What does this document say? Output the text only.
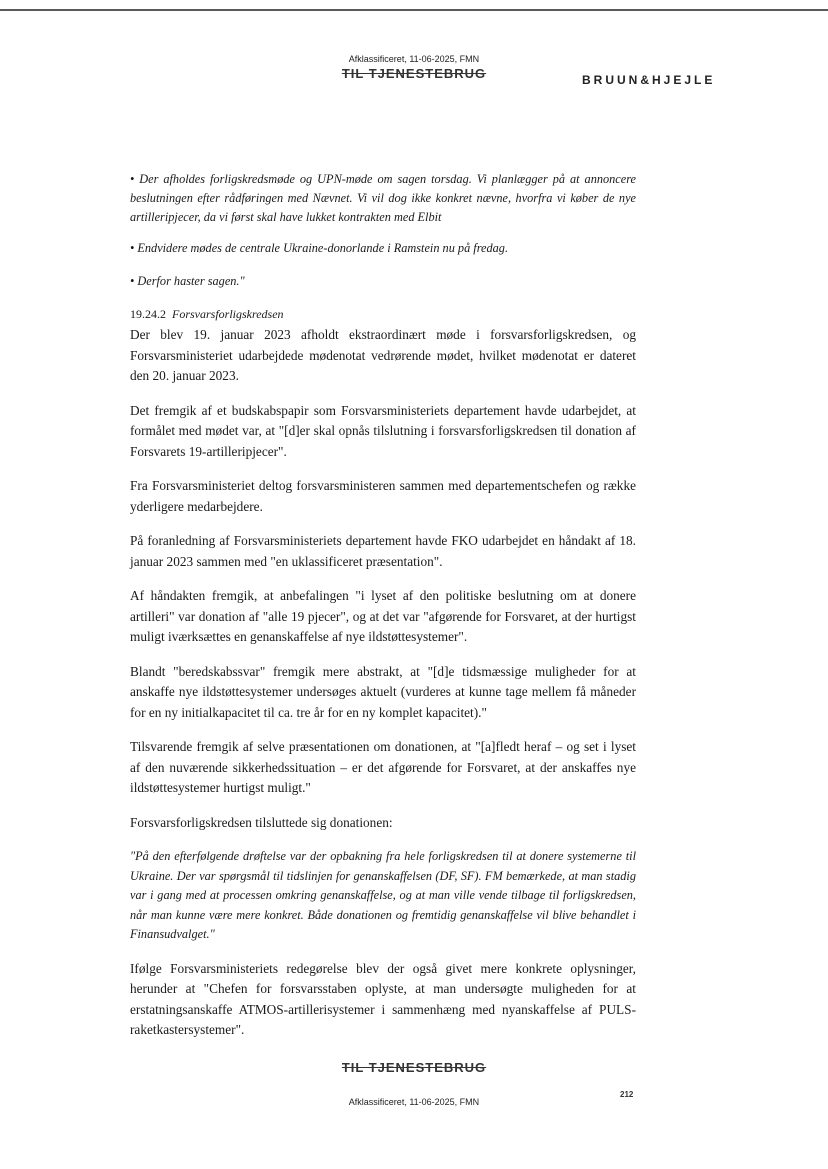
Afklassificeret, 11-06-2025, FMN
TIL TJENESTEBRUG	BRUUN&HJEJLE

• Der afholdes forligskredsmøde og UPN-møde om sagen torsdag. Vi planlægger på at annoncere beslutningen efter rådføringen med Nævnet. Vi vil dog ikke konkret nævne, hvorfra vi køber de nye artilleripjecer, da vi først skal have lukket kontrakten med Elbit

• Endvidere mødes de centrale Ukraine-donorlande i Ramstein nu på fredag.

• Derfor haster sagen."

19.24.2 Forsvarsforligskredsen

Der blev 19. januar 2023 afholdt ekstraordinært møde i forsvarsforligskredsen, og Forsvarsministeriet udarbejdede mødenotat vedrørende mødet, hvilket mødenotat er dateret den 20. januar 2023.

Det fremgik af et budskabspapir som Forsvarsministeriets departement havde udarbejdet, at formålet med mødet var, at "[d]er skal opnås tilslutning i forsvarsforligskredsen til donation af Forsvarets 19-artilleripjecer".

Fra Forsvarsministeriet deltog forsvarsministeren sammen med departementschefen og række yderligere medarbejdere.

På foranledning af Forsvarsministeriets departement havde FKO udarbejdet en håndakt af 18. januar 2023 sammen med "en uklassificeret præsentation".

Af håndakten fremgik, at anbefalingen "i lyset af den politiske beslutning om at donere artilleri" var donation af "alle 19 pjecer", og at det var "afgørende for Forsvaret, at der hurtigst muligt iværksættes en genanskaffelse af nye ildstøttesystemer".

Blandt "beredskabssvar" fremgik mere abstrakt, at "[d]e tidsmæssige muligheder for at anskaffe nye ildstøttesystemer undersøges aktuelt (vurderes at kunne tage mellem få måneder for en ny initialkapacitet til ca. tre år for en ny komplet kapacitet)."

Tilsvarende fremgik af selve præsentationen om donationen, at "[a]fledt heraf – og set i lyset af den nuværende sikkerhedssituation – er det afgørende for Forsvaret, at der anskaffes nye ildstøttesystemer hurtigst muligt."

Forsvarsforligskredsen tilsluttede sig donationen:

"På den efterfølgende drøftelse var der opbakning fra hele forligskredsen til at donere systemerne til Ukraine. Der var spørgsmål til tidslinjen for genanskaffelsen (DF, SF). FM bemærkede, at man stadig var i gang med at processen omkring genanskaffelse, og at man ville vende tilbage til forligskredsen, når man kunne være mere konkret. Både donationen og fremtidig genanskaffelse vil blive behandlet i Finansudvalget."

Ifølge Forsvarsministeriets redegørelse blev der også givet mere konkrete oplysninger, herunder at "Chefen for forsvarsstaben oplyste, at man undersøgte muligheden for at erstatningsanskaffe ATMOS-artillerisystemer i sammenhæng med nyanskaffelse af PULS-raketkastersystemer".

TIL TJENESTEBRUG
212
Afklassificeret, 11-06-2025, FMN
